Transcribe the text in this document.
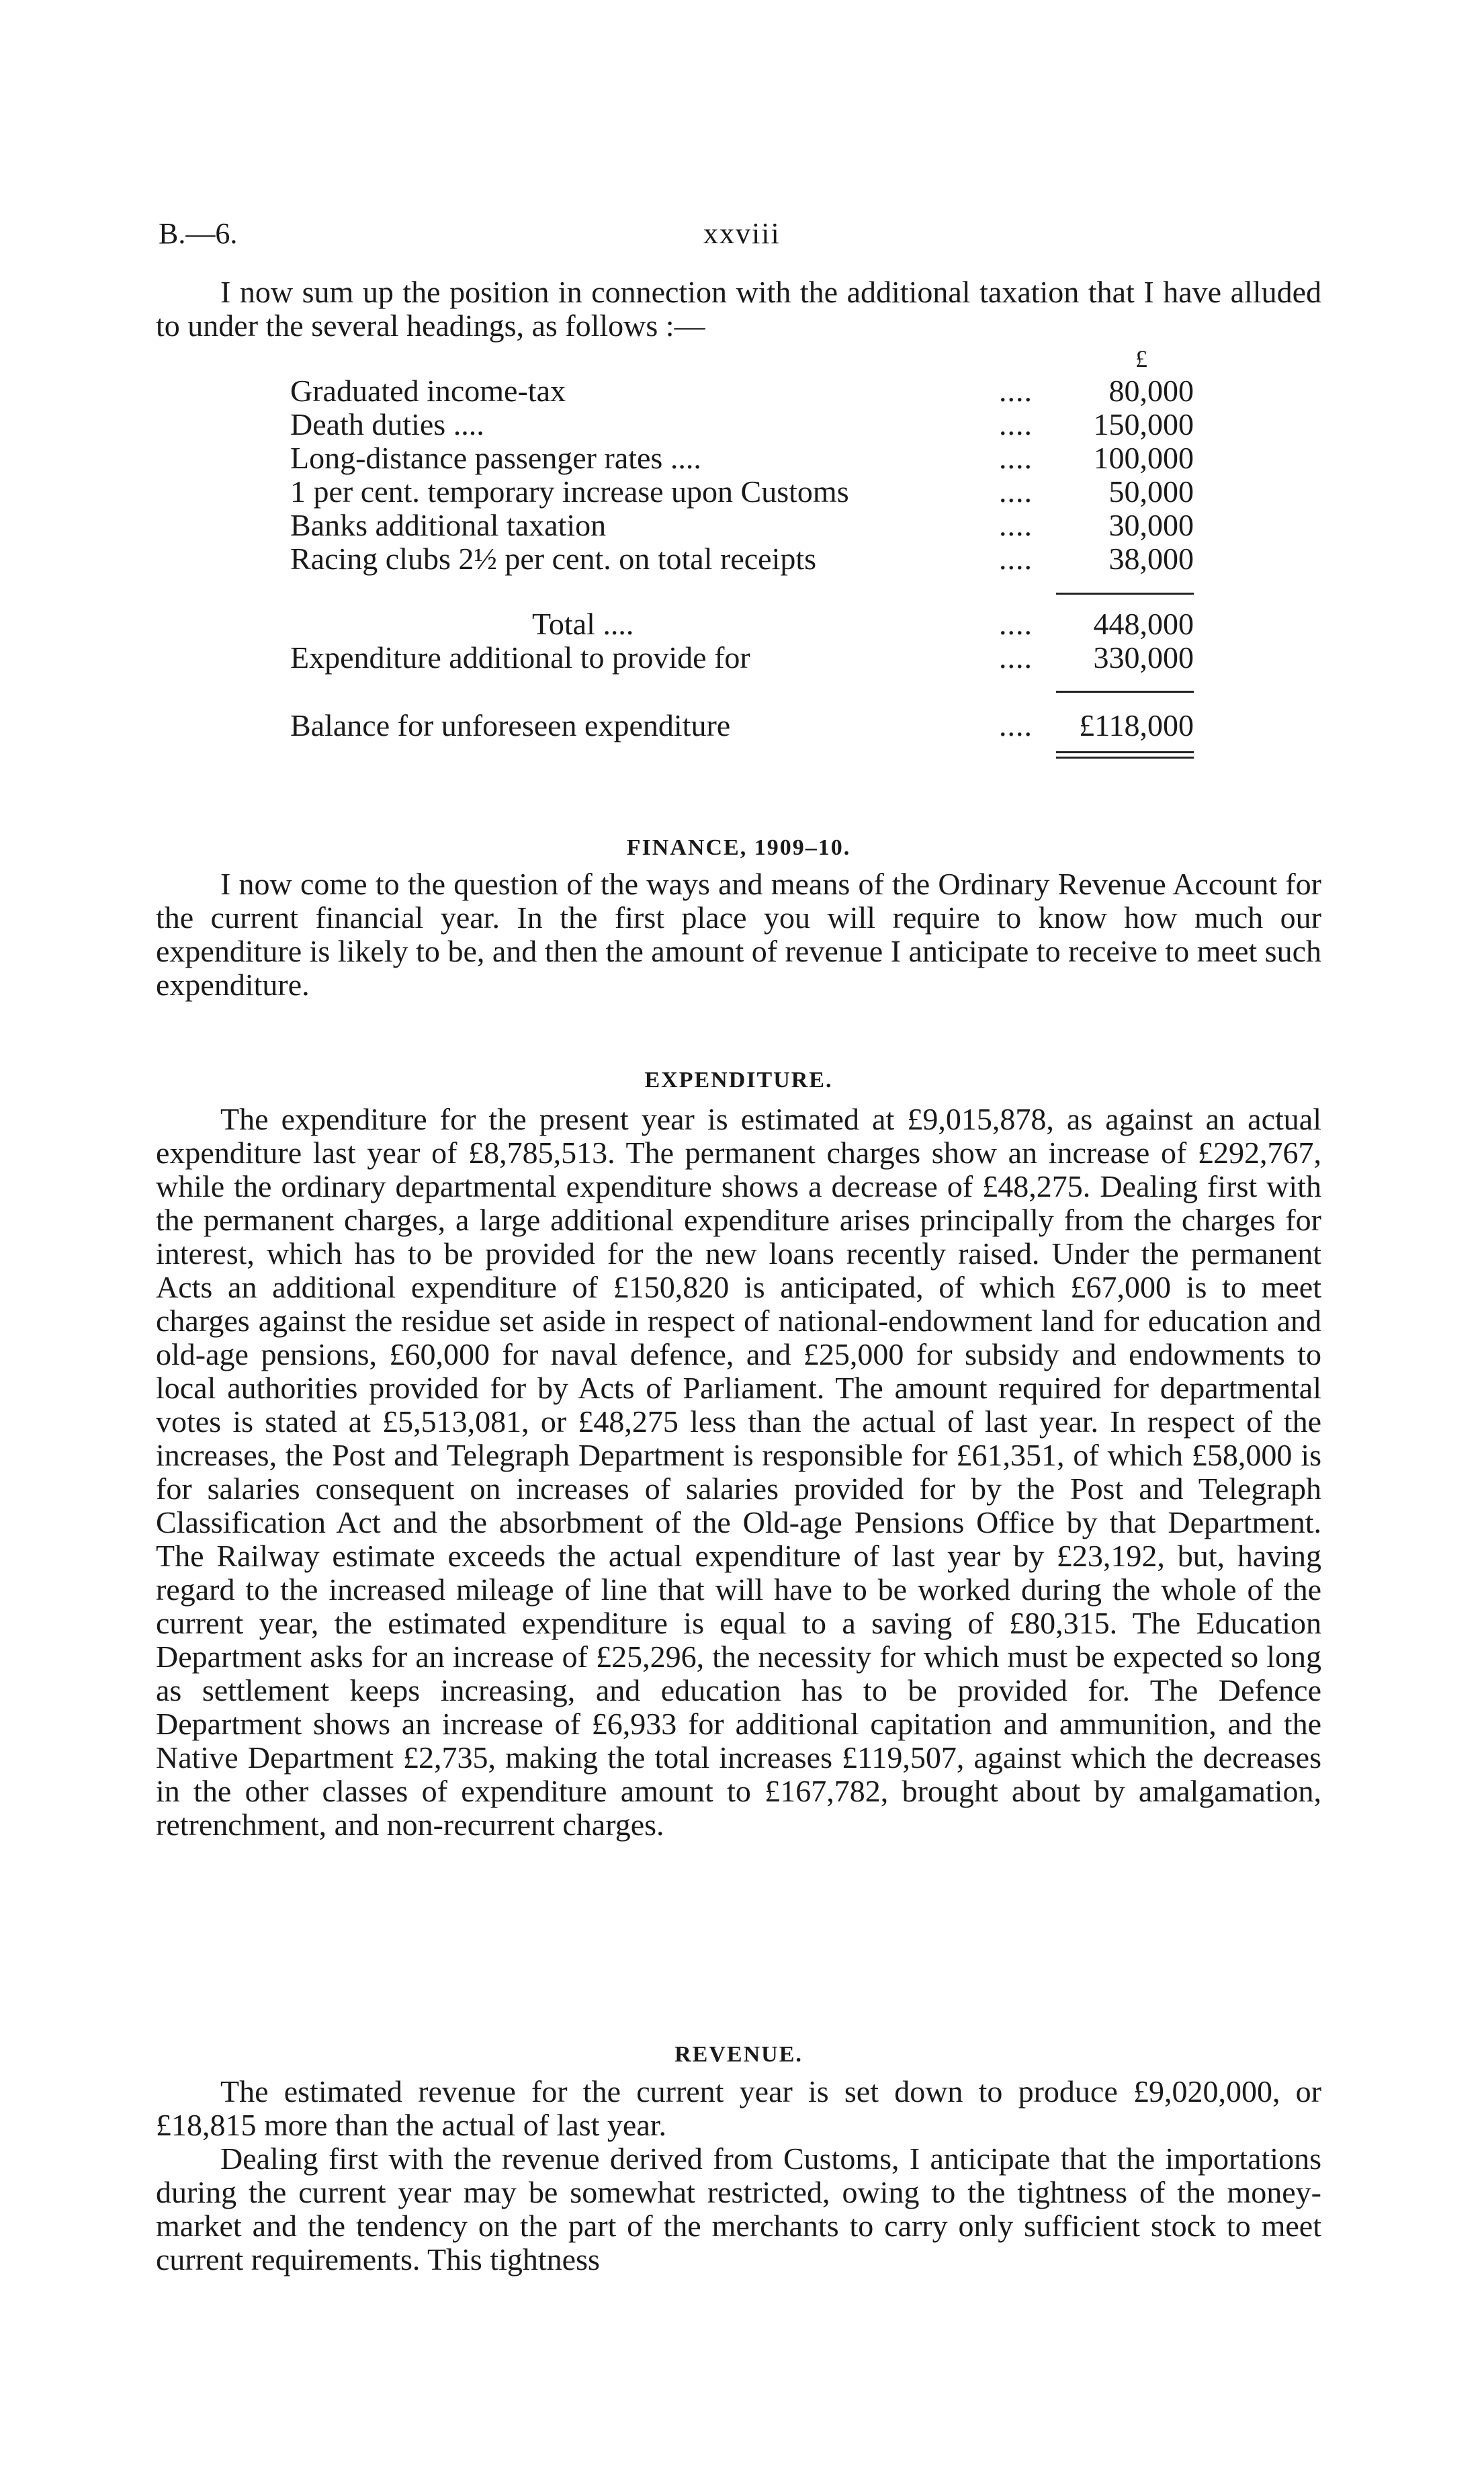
B.—6.	xxviii

I now sum up the position in connection with the additional taxation that I have alluded to under the several headings, as follows :—

£
Graduated income-tax	.... 80,000
Death duties ....	.... 150,000
Long-distance passenger rates ....	.... 100,000
1 per cent. temporary increase upon Customs	.... 50,000
Banks additional taxation	.... 30,000
Racing clubs 2½ per cent. on total receipts	.... 38,000
Total ....	.... 448,000
Expenditure additional to provide for	.... 330,000
Balance for unforeseen expenditure	.... £118,000
FINANCE, 1909–10.

I now come to the question of the ways and means of the Ordinary Revenue Account for the current financial year. In the first place you will require to know how much our expenditure is likely to be, and then the amount of revenue I anticipate to receive to meet such expenditure.

EXPENDITURE.

The expenditure for the present year is estimated at £9,015,878, as against an actual expenditure last year of £8,785,513. The permanent charges show an increase of £292,767, while the ordinary departmental expenditure shows a decrease of £48,275. Dealing first with the permanent charges, a large additional expenditure arises principally from the charges for interest, which has to be provided for the new loans recently raised. Under the permanent Acts an additional expenditure of £150,820 is anticipated, of which £67,000 is to meet charges against the residue set aside in respect of national-endowment land for education and old-age pensions, £60,000 for naval defence, and £25,000 for subsidy and endowments to local authorities provided for by Acts of Parliament. The amount required for departmental votes is stated at £5,513,081, or £48,275 less than the actual of last year. In respect of the increases, the Post and Telegraph Department is responsible for £61,351, of which £58,000 is for salaries consequent on increases of salaries provided for by the Post and Telegraph Classification Act and the absorbment of the Old-age Pensions Office by that Department. The Railway estimate exceeds the actual expenditure of last year by £23,192, but, having regard to the increased mileage of line that will have to be worked during the whole of the current year, the estimated expenditure is equal to a saving of £80,315. The Education Department asks for an increase of £25,296, the necessity for which must be expected so long as settlement keeps increasing, and education has to be provided for. The Defence Department shows an increase of £6,933 for additional capitation and ammunition, and the Native Department £2,735, making the total increases £119,507, against which the decreases in the other classes of expenditure amount to £167,782, brought about by amalgamation, retrenchment, and non-recurrent charges.

REVENUE.

The estimated revenue for the current year is set down to produce £9,020,000, or £18,815 more than the actual of last year.

Dealing first with the revenue derived from Customs, I anticipate that the importations during the current year may be somewhat restricted, owing to the tightness of the money-market and the tendency on the part of the merchants to carry only sufficient stock to meet current requirements. This tightness
